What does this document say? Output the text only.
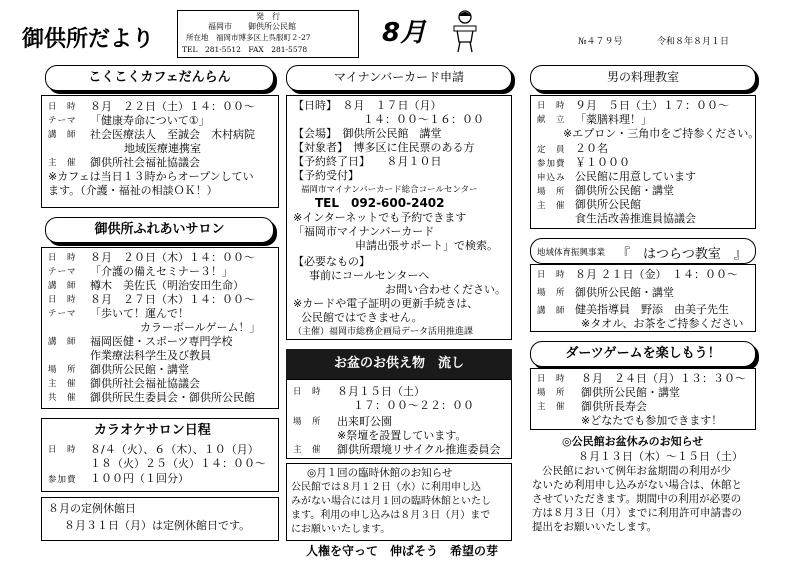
御供所だより
発　行
福岡市　　御供所公民館
所在地　福岡市博多区上呉服町２-27
TEL　281-5512　FAX　281-5578
8月	№４７９号	令和８年８月１日
こくこくカフェだんらん
日　時 ８月　２２日（土）１４：００～
テーマ 「健康寿命について①」
講　師 社会医療法人　至誠会　木村病院
地域医療連携室
主　催 御供所社会福祉協議会
※カフェは当日１３時からオープンしてい
ます。（介護・福祉の相談ＯＫ！）
御供所ふれあいサロン
日　時 ８月　２０日（木）１４：００～
テーマ 「介護の備えセミナー３！」
講　師 樽木　美佐氏（明治安田生命）
日　時 ８月　２７日（木）１４：００～
テーマ 「歩いて！運んで！
カラーボールゲーム！」
講　師 福岡医健・スポーツ専門学校
作業療法科学生及び教員
場　所 御供所公民館・講堂
主　催 御供所社会福祉協議会
共　催 御供所民生委員会・御供所公民館
カラオケサロン日程
日　時 ８/４（火）、６（木）、１０（月）
１８（火）２５（火）１４：００～
参加費 １００円（１回分）
８月の定例休館日
８月３１日（月）は定例休館日です。
マイナンバーカード申請
【日時】　８月　１７日（月）
１４：００～１６：００
【会場】　御供所公民館　講堂
【対象者】　博多区に住民票のある方
【予約終了日】　　８月１０日
【予約受付】
福岡市マイナンバーカード総合コールセンター
TEL　092-600-2402
※インターネットでも予約できます
「福岡市マイナンバーカード
申請出張サポート」で検索。
【必要なもの】
事前にコールセンターへ
お問い合わせください。
※カードや電子証明の更新手続きは、
公民館ではできません。
（主催）福岡市総務企画局データ活用推進課
お盆のお供え物　流し
日　時 ８月１５日（土）
１７：００～２２：００
場　所 出来町公園
※祭壇を設置しています。
主　催 御供所環境リサイクル推進委員会
◎月１回の臨時休館のお知らせ
公民館では８月１２日（水）に利用申し込
みがない場合には月１回の臨時休館といたし
ます。利用の申し込みは８月３日（月）まで
にお願いいたします。
人権を守って　伸ばそう　希望の芽
男の料理教室
日　時 ９月　５日（土）１７：００～
献　立 「薬膳料理！」
※エプロン・三角巾をご持参ください。
定　員 ２０名
参加費 ￥１０００
申込み 公民館に用意しています
場　所 御供所公民館・講堂
主　催 御供所公民館
食生活改善推進員協議会
地域体育振興事業 『　はつらつ教室　』
日　時 ８月 ２１日（金）　１４：００～
場　所 御供所公民館・講堂
講　師 健美指導員　野添　由美子先生
※タオル、お茶をご持参ください
ダーツゲームを楽しもう！
日　時 ８月　２４日（月）１３：３０～
場　所 御供所公民館・講堂
主　催 御供所長寿会
※どなたでも参加できます！
◎公民館お盆休みのお知らせ
８月１３日（木）～１５日（土）
公民館において例年お盆期間の利用が少
ないため利用申し込みがない場合は、休館と
させていただきます。期間中の利用が必要の
方は８月３日（月）までに利用許可申請書の
提出をお願いいたします。
